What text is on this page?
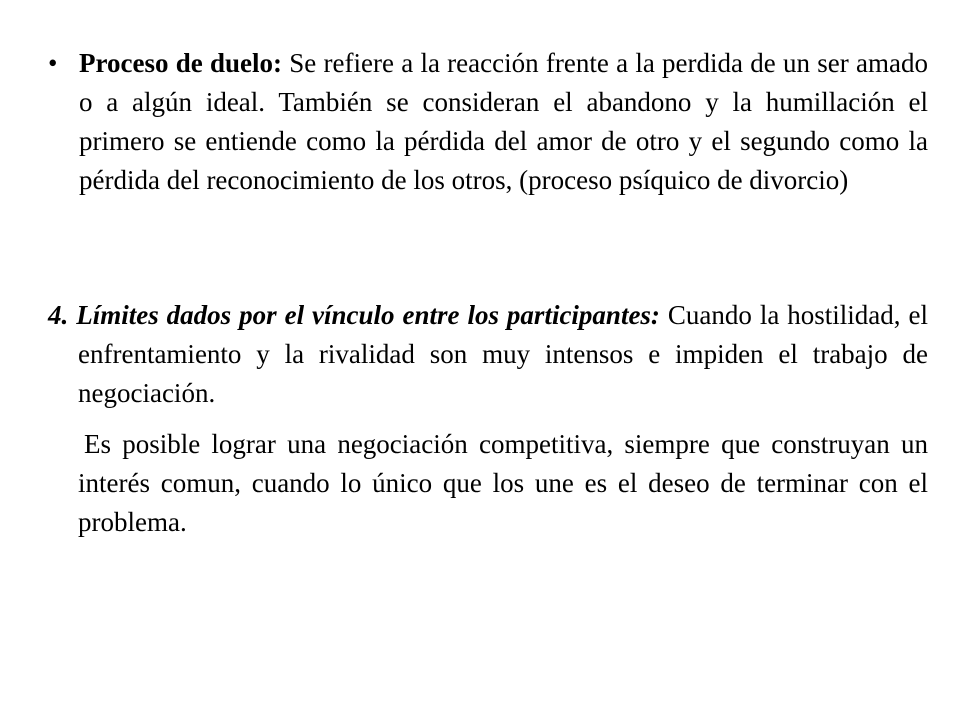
• Proceso de duelo: Se refiere a la reacción frente a la perdida de un ser amado o a algún ideal. También se consideran el abandono y la humillación el primero se entiende como la pérdida del amor de otro y el segundo como la pérdida del reconocimiento de los otros, (proceso psíquico de divorcio)
4. Límites dados por el vínculo entre los participantes: Cuando la hostilidad, el enfrentamiento y la rivalidad son muy intensos e impiden el trabajo de negociación.
Es posible lograr una negociación competitiva, siempre que construyan un interés comun, cuando lo único que los une es el deseo de terminar con el problema.
